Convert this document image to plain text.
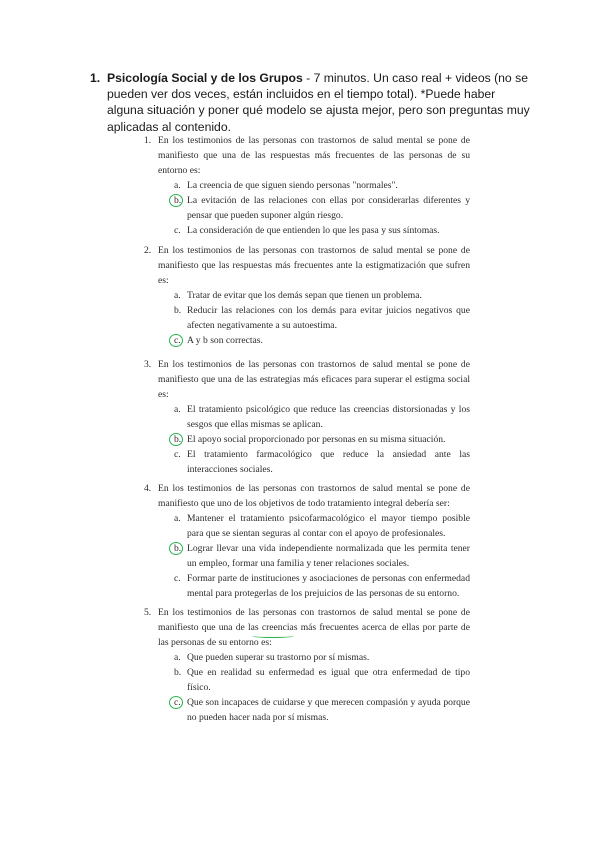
1. Psicología Social y de los Grupos - 7 minutos. Un caso real + videos (no se pueden ver dos veces, están incluidos en el tiempo total). *Puede haber alguna situación y poner qué modelo se ajusta mejor, pero son preguntas muy aplicadas al contenido.
1. En los testimonios de las personas con trastornos de salud mental se pone de manifiesto que una de las respuestas más frecuentes de las personas de su entorno es:

a. La creencia de que siguen siendo personas "normales".
b. La evitación de las relaciones con ellas por considerarlas diferentes y pensar que pueden suponer algún riesgo.
c. La consideración de que entienden lo que les pasa y sus síntomas.
2. En los testimonios de las personas con trastornos de salud mental se pone de manifiesto que las respuestas más frecuentes ante la estigmatización que sufren es:

a. Tratar de evitar que los demás sepan que tienen un problema.
b. Reducir las relaciones con los demás para evitar juicios negativos que afecten negativamente a su autoestima.
c. A y b son correctas.
3. En los testimonios de las personas con trastornos de salud mental se pone de manifiesto que una de las estrategias más eficaces para superar el estigma social es:

a. El tratamiento psicológico que reduce las creencias distorsionadas y los sesgos que ellas mismas se aplican.
b. El apoyo social proporcionado por personas en su misma situación.
c. El tratamiento farmacológico que reduce la ansiedad ante las interacciones sociales.
4. En los testimonios de las personas con trastornos de salud mental se pone de manifiesto que uno de los objetivos de todo tratamiento integral debería ser:

a. Mantener el tratamiento psicofarmacológico el mayor tiempo posible para que se sientan seguras al contar con el apoyo de profesionales.
b. Lograr llevar una vida independiente normalizada que les permita tener un empleo, formar una familia y tener relaciones sociales.
c. Formar parte de instituciones y asociaciones de personas con enfermedad mental para protegerlas de los prejuicios de las personas de su entorno.
5. En los testimonios de las personas con trastornos de salud mental se pone de manifiesto que una de las creencias más frecuentes acerca de ellas por parte de las personas de su entorno es:

a. Que pueden superar su trastorno por sí mismas.
b. Que en realidad su enfermedad es igual que otra enfermedad de tipo físico.
c. Que son incapaces de cuidarse y que merecen compasión y ayuda porque no pueden hacer nada por sí mismas.
